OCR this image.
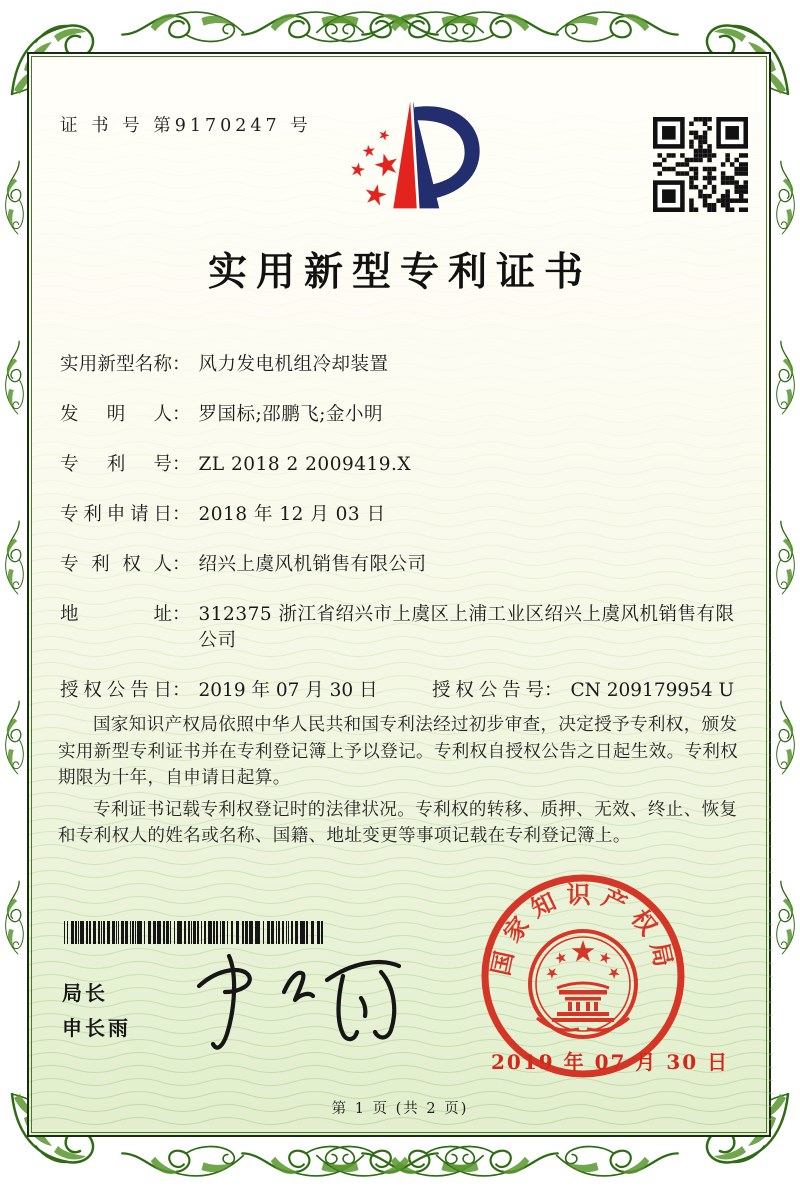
证 书 号 第9170247 号
实用新型专利证书
实用新型名称 ： 风力发电机组冷却装置
发明人 ： 罗国标;邵鹏飞;金小明
专利号 ： ZL 2018 2 2009419.X
专利申请日 ： 2018 年 12 月 03 日
专利权人 ： 绍兴上虞风机销售有限公司
地址 ： 312375 浙江省绍兴市上虞区上浦工业区绍兴上虞风机销售有限公司
授权公告日 ： 2019 年 07 月 30 日	授权公告号 ： CN 209179954 U

国家知识产权局依照中华人民共和国专利法经过初步审查，决定授予专利权，颁发实用新型专利证书并在专利登记簿上予以登记。专利权自授权公告之日起生效。专利权期限为十年，自申请日起算。

专利证书记载专利权登记时的法律状况。专利权的转移、质押、无效、终止、恢复和专利权人的姓名或名称、国籍、地址变更等事项记载在专利登记簿上。

局长
申长雨
国家知识产权局
2019 年 07 月 30 日
第 1 页 (共 2 页)
